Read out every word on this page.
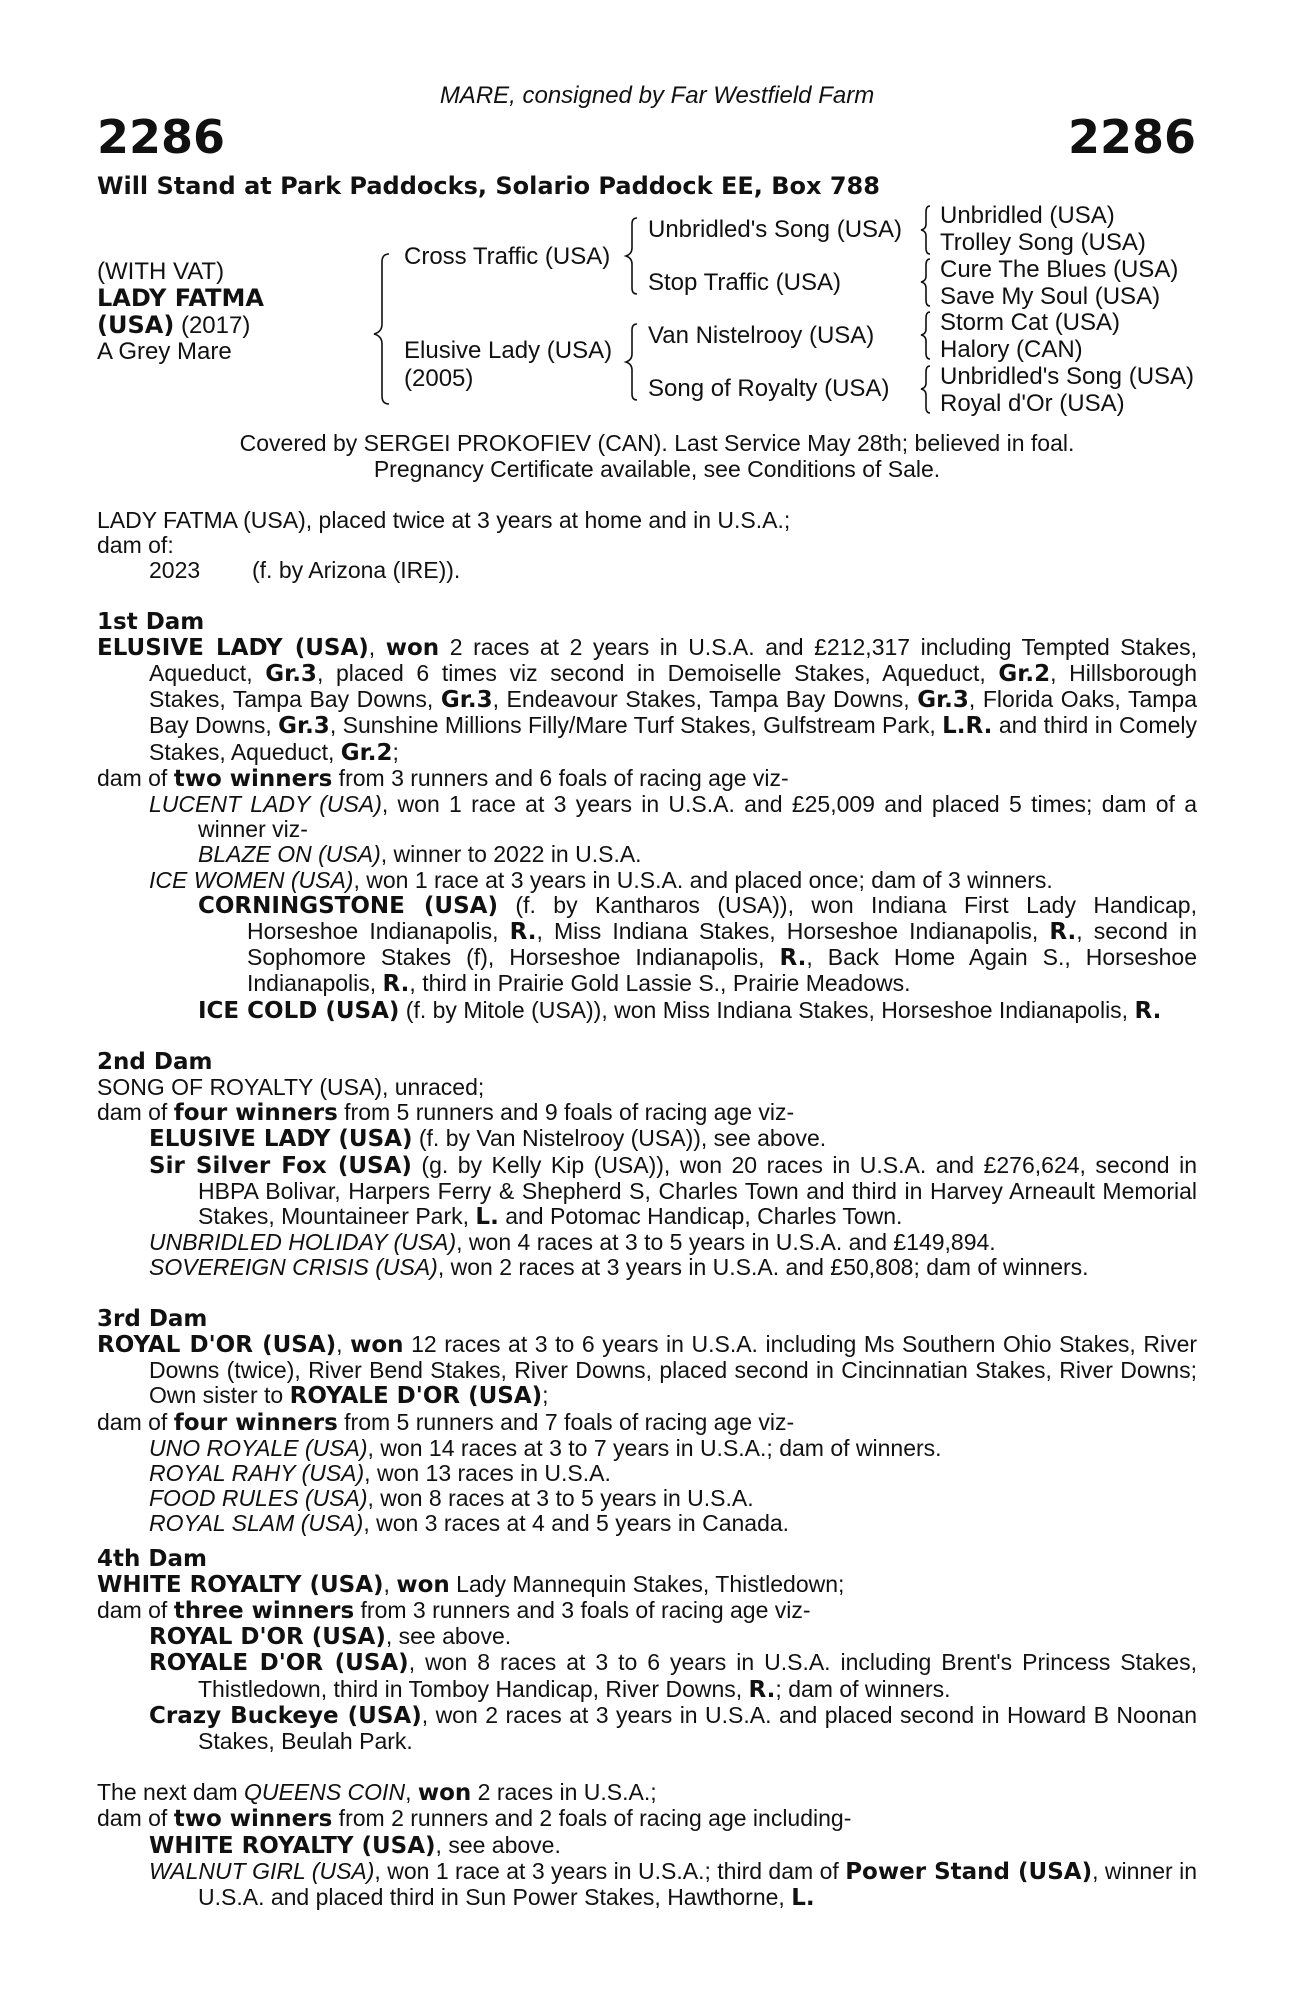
MARE, consigned by Far Westfield Farm
2286	2286
Will Stand at Park Paddocks, Solario Paddock EE, Box 788
(WITH VAT)
LADY FATMA
(USA) (2017)
A Grey Mare
Cross Traffic (USA)
Elusive Lady (USA)
(2005)
Unbridled's Song (USA)
Stop Traffic (USA)
Van Nistelrooy (USA)
Song of Royalty (USA)
Unbridled (USA)
Trolley Song (USA)
Cure The Blues (USA)
Save My Soul (USA)
Storm Cat (USA)
Halory (CAN)
Unbridled's Song (USA)
Royal d'Or (USA)
Covered by SERGEI PROKOFIEV (CAN). Last Service May 28th; believed in foal.
Pregnancy Certificate available, see Conditions of Sale.

LADY FATMA (USA), placed twice at 3 years at home and in U.S.A.;

dam of:

2023 (f. by Arizona (IRE)).

1st Dam

ELUSIVE LADY (USA), won 2 races at 2 years in U.S.A. and £212,317 including Tempted Stakes, Aqueduct, Gr.3, placed 6 times viz second in Demoiselle Stakes, Aqueduct, Gr.2, Hillsborough Stakes, Tampa Bay Downs, Gr.3, Endeavour Stakes, Tampa Bay Downs, Gr.3, Florida Oaks, Tampa Bay Downs, Gr.3, Sunshine Millions Filly/Mare Turf Stakes, Gulfstream Park, L.R. and third in Comely Stakes, Aqueduct, Gr.2;

dam of two winners from 3 runners and 6 foals of racing age viz-

LUCENT LADY (USA), won 1 race at 3 years in U.S.A. and £25,009 and placed 5 times; dam of a winner viz-

BLAZE ON (USA), winner to 2022 in U.S.A.

ICE WOMEN (USA), won 1 race at 3 years in U.S.A. and placed once; dam of 3 winners.

CORNINGSTONE (USA) (f. by Kantharos (USA)), won Indiana First Lady Handicap, Horseshoe Indianapolis, R., Miss Indiana Stakes, Horseshoe Indianapolis, R., second in Sophomore Stakes (f), Horseshoe Indianapolis, R., Back Home Again S., Horseshoe Indianapolis, R., third in Prairie Gold Lassie S., Prairie Meadows.

ICE COLD (USA) (f. by Mitole (USA)), won Miss Indiana Stakes, Horseshoe Indianapolis, R.

2nd Dam

SONG OF ROYALTY (USA), unraced;

dam of four winners from 5 runners and 9 foals of racing age viz-

ELUSIVE LADY (USA) (f. by Van Nistelrooy (USA)), see above.

Sir Silver Fox (USA) (g. by Kelly Kip (USA)), won 20 races in U.S.A. and £276,624, second in HBPA Bolivar, Harpers Ferry & Shepherd S, Charles Town and third in Harvey Arneault Memorial Stakes, Mountaineer Park, L. and Potomac Handicap, Charles Town.

UNBRIDLED HOLIDAY (USA), won 4 races at 3 to 5 years in U.S.A. and £149,894.

SOVEREIGN CRISIS (USA), won 2 races at 3 years in U.S.A. and £50,808; dam of winners.

3rd Dam

ROYAL D'OR (USA), won 12 races at 3 to 6 years in U.S.A. including Ms Southern Ohio Stakes, River Downs (twice), River Bend Stakes, River Downs, placed second in Cincinnatian Stakes, River Downs; Own sister to ROYALE D'OR (USA);

dam of four winners from 5 runners and 7 foals of racing age viz-

UNO ROYALE (USA), won 14 races at 3 to 7 years in U.S.A.; dam of winners.

ROYAL RAHY (USA), won 13 races in U.S.A.

FOOD RULES (USA), won 8 races at 3 to 5 years in U.S.A.

ROYAL SLAM (USA), won 3 races at 4 and 5 years in Canada.

4th Dam

WHITE ROYALTY (USA), won Lady Mannequin Stakes, Thistledown;

dam of three winners from 3 runners and 3 foals of racing age viz-

ROYAL D'OR (USA), see above.

ROYALE D'OR (USA), won 8 races at 3 to 6 years in U.S.A. including Brent's Princess Stakes, Thistledown, third in Tomboy Handicap, River Downs, R.; dam of winners.

Crazy Buckeye (USA), won 2 races at 3 years in U.S.A. and placed second in Howard B Noonan Stakes, Beulah Park.

The next dam QUEENS COIN, won 2 races in U.S.A.;

dam of two winners from 2 runners and 2 foals of racing age including-

WHITE ROYALTY (USA), see above.

WALNUT GIRL (USA), won 1 race at 3 years in U.S.A.; third dam of Power Stand (USA), winner in U.S.A. and placed third in Sun Power Stakes, Hawthorne, L.
